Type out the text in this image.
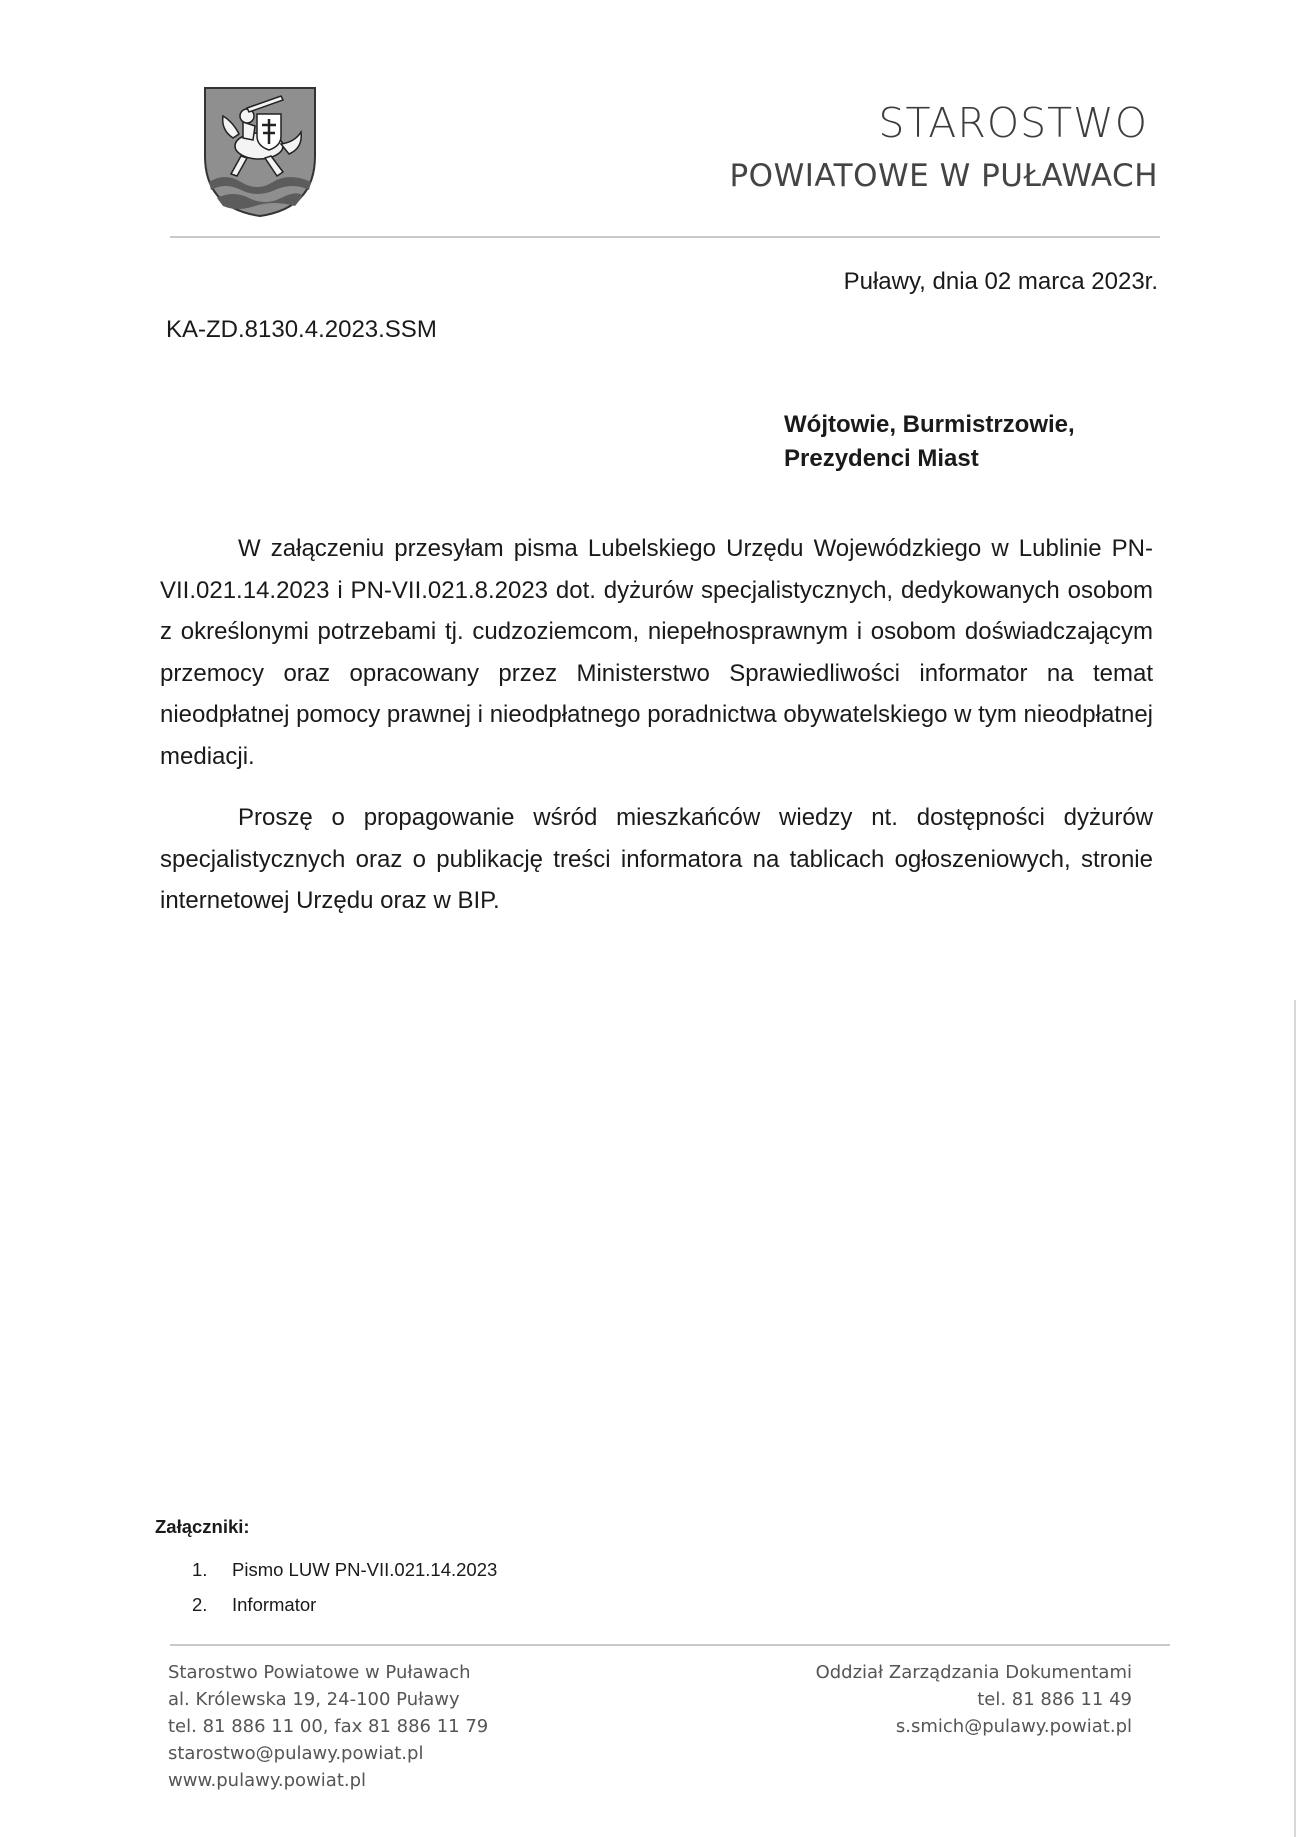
STAROSTWO
POWIATOWE W PUŁAWACH
Puławy, dnia 02 marca 2023r.
KA-ZD.8130.4.2023.SSM
Wójtowie, Burmistrzowie,
Prezydenci Miast
W załączeniu przesyłam pisma Lubelskiego Urzędu Wojewódzkiego w Lublinie PN-VII.021.14.2023 i PN-VII.021.8.2023 dot. dyżurów specjalistycznych, dedykowanych osobom z określonymi potrzebami tj. cudzoziemcom, niepełnosprawnym i osobom doświadczającym przemocy oraz opracowany przez Ministerstwo Sprawiedliwości informator na temat nieodpłatnej pomocy prawnej i nieodpłatnego poradnictwa obywatelskiego w tym nieodpłatnej mediacji.
Proszę o propagowanie wśród mieszkańców wiedzy nt. dostępności dyżurów specjalistycznych oraz o publikację treści informatora na tablicach ogłoszeniowych, stronie internetowej Urzędu oraz w BIP.
Załączniki:
1. Pismo LUW PN-VII.021.14.2023
2. Informator
Starostwo Powiatowe w Puławach
al. Królewska 19, 24-100 Puławy
tel. 81 886 11 00, fax 81 886 11 79
starostwo@pulawy.powiat.pl
www.pulawy.powiat.pl
Oddział Zarządzania Dokumentami
tel. 81 886 11 49
s.smich@pulawy.powiat.pl
